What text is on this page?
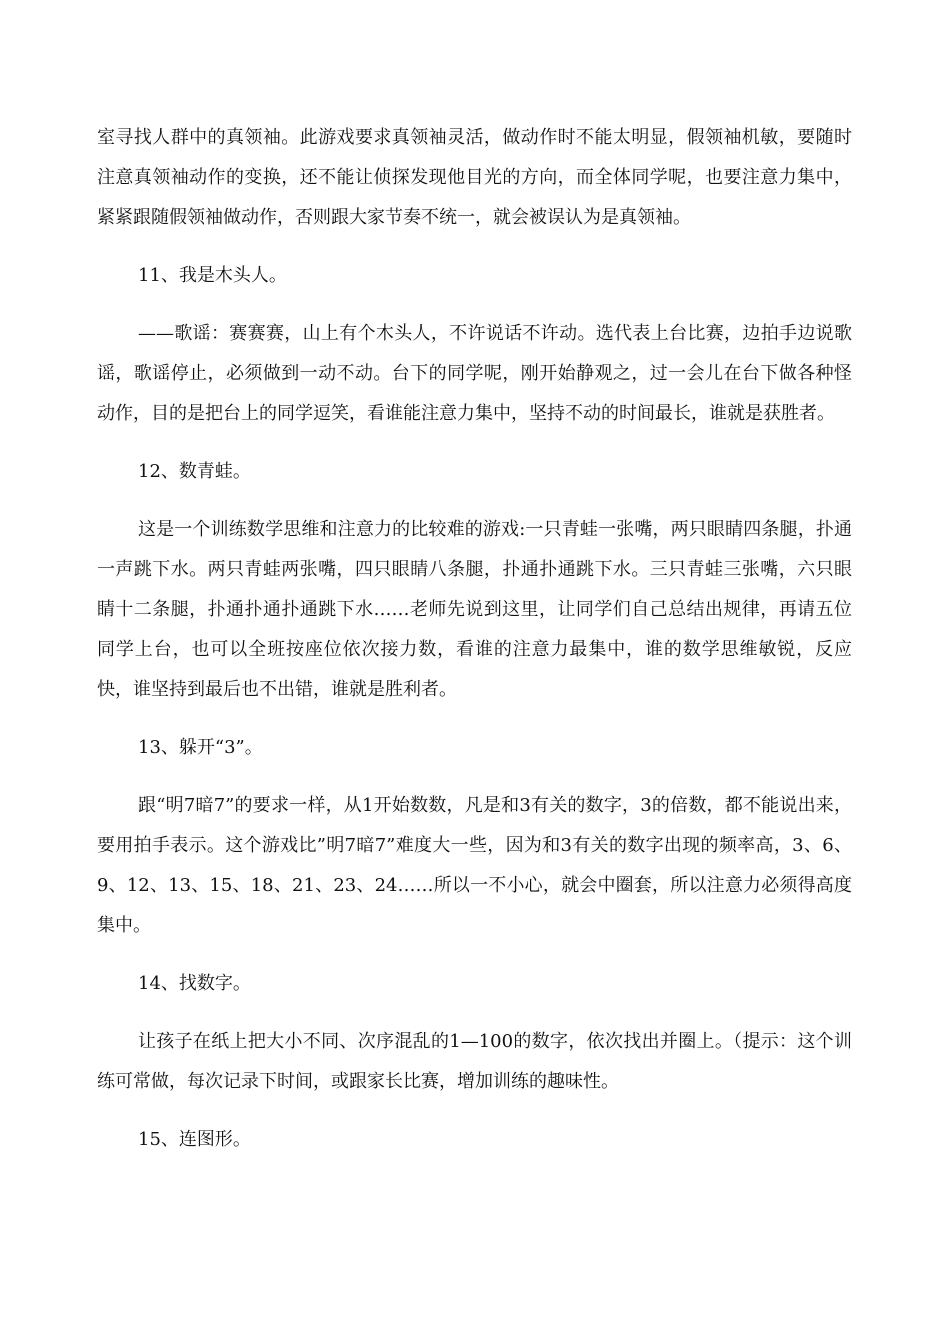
室寻找人群中的真领袖。此游戏要求真领袖灵活，做动作时不能太明显，假领袖机敏，要随时注意真领袖动作的变换，还不能让侦探发现他目光的方向，而全体同学呢，也要注意力集中，紧紧跟随假领袖做动作，否则跟大家节奏不统一，就会被误认为是真领袖。

11、我是木头人。

——歌谣：赛赛赛，山上有个木头人，不许说话不许动。选代表上台比赛，边拍手边说歌谣，歌谣停止，必须做到一动不动。台下的同学呢，刚开始静观之，过一会儿在台下做各种怪动作，目的是把台上的同学逗笑，看谁能注意力集中，坚持不动的时间最长，谁就是获胜者。

12、数青蛙。

这是一个训练数学思维和注意力的比较难的游戏:一只青蛙一张嘴，两只眼睛四条腿，扑通一声跳下水。两只青蛙两张嘴，四只眼睛八条腿，扑通扑通跳下水。三只青蛙三张嘴，六只眼睛十二条腿，扑通扑通扑通跳下水……老师先说到这里，让同学们自己总结出规律，再请五位同学上台，也可以全班按座位依次接力数，看谁的注意力最集中，谁的数学思维敏锐，反应快，谁坚持到最后也不出错，谁就是胜利者。

13、躲开“3”。

跟“明7暗7”的要求一样，从1开始数数，凡是和3有关的数字，3的倍数，都不能说出来，要用拍手表示。这个游戏比”明7暗7”难度大一些，因为和3有关的数字出现的频率高，3、6、9、12、13、15、18、21、23、24……所以一不小心，就会中圈套，所以注意力必须得高度集中。

14、找数字。

让孩子在纸上把大小不同、次序混乱的1—100的数字，依次找出并圈上。（提示：这个训练可常做，每次记录下时间，或跟家长比赛，增加训练的趣味性。

15、连图形。
